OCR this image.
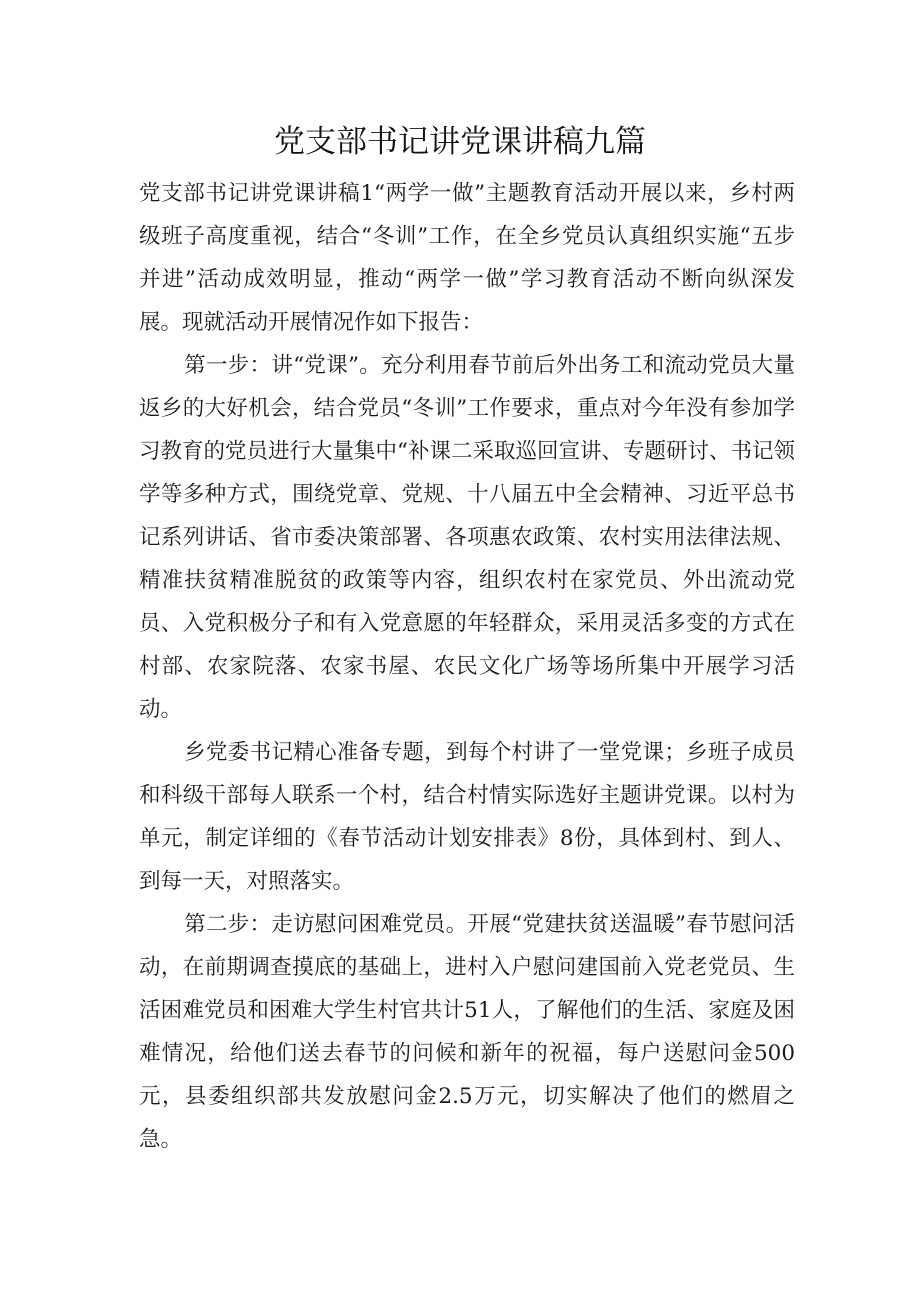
党支部书记讲党课讲稿九篇

党支部书记讲党课讲稿1“两学一做”主题教育活动开展以来，乡村两级班子高度重视，结合“冬训”工作，在全乡党员认真组织实施“五步并进”活动成效明显，推动“两学一做”学习教育活动不断向纵深发展。现就活动开展情况作如下报告：

第一步：讲“党课”。充分利用春节前后外出务工和流动党员大量返乡的大好机会，结合党员“冬训”工作要求，重点对今年没有参加学习教育的党员进行大量集中“补课二采取巡回宣讲、专题研讨、书记领学等多种方式，围绕党章、党规、十八届五中全会精神、习近平总书记系列讲话、省市委决策部署、各项惠农政策、农村实用法律法规、精准扶贫精准脱贫的政策等内容，组织农村在家党员、外出流动党员、入党积极分子和有入党意愿的年轻群众，采用灵活多变的方式在村部、农家院落、农家书屋、农民文化广场等场所集中开展学习活动。

乡党委书记精心准备专题，到每个村讲了一堂党课；乡班子成员和科级干部每人联系一个村，结合村情实际选好主题讲党课。以村为单元，制定详细的《春节活动计划安排表》8份，具体到村、到人、到每一天，对照落实。

第二步：走访慰问困难党员。开展“党建扶贫送温暖”春节慰问活动，在前期调查摸底的基础上，进村入户慰问建国前入党老党员、生活困难党员和困难大学生村官共计51人，了解他们的生活、家庭及困难情况，给他们送去春节的问候和新年的祝福，每户送慰问金500元，县委组织部共发放慰问金2.5万元，切实解决了他们的燃眉之急。
